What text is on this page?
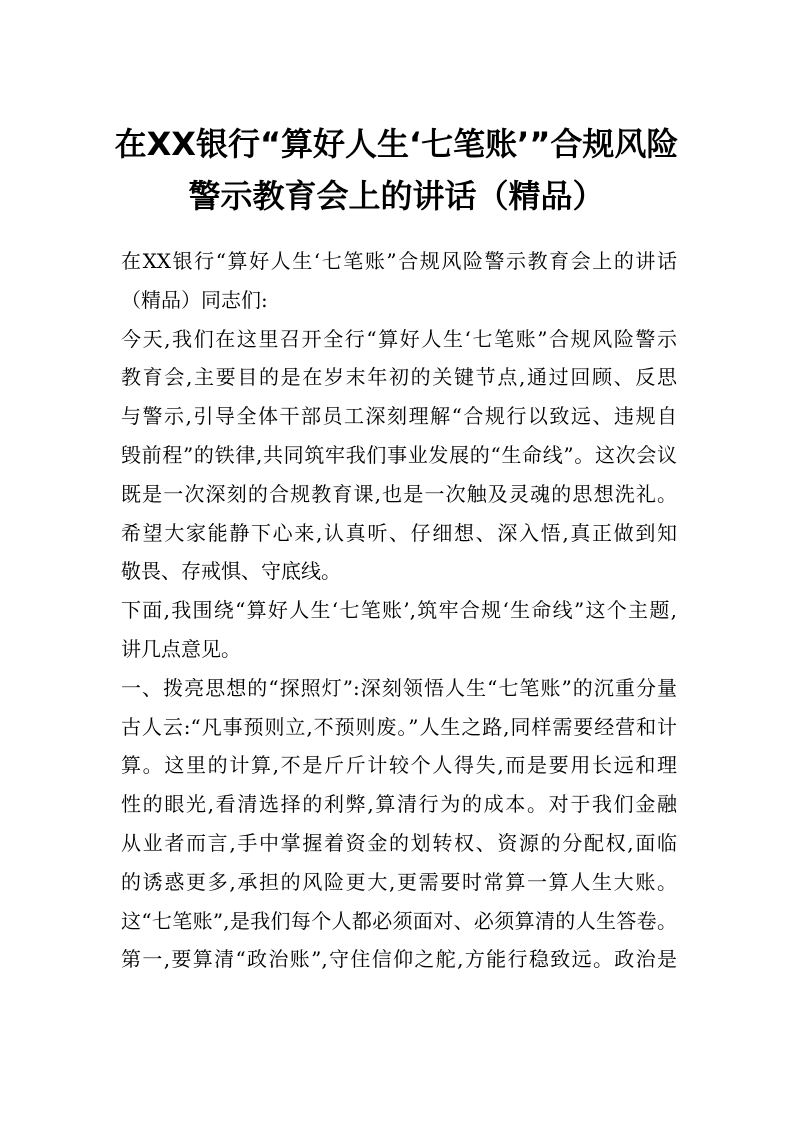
在XX银行“算好人生‘七笔账’”合规风险
警示教育会上的讲话（精品）
在XX银行“算好人生‘七笔账”合规风险警示教育会上的讲话
（精品）同志们:
今天,我们在这里召开全行“算好人生‘七笔账”合规风险警示
教育会,主要目的是在岁末年初的关键节点,通过回顾、反思
与警示,引导全体干部员工深刻理解“合规行以致远、违规自
毁前程”的铁律,共同筑牢我们事业发展的“生命线”。这次会议
既是一次深刻的合规教育课,也是一次触及灵魂的思想洗礼。
希望大家能静下心来,认真听、仔细想、深入悟,真正做到知
敬畏、存戒惧、守底线。
下面,我围绕“算好人生‘七笔账’,筑牢合规‘生命线”这个主题,
讲几点意见。
一、拨亮思想的“探照灯”:深刻领悟人生“七笔账”的沉重分量
古人云:“凡事预则立,不预则废。”人生之路,同样需要经营和计
算。这里的计算,不是斤斤计较个人得失,而是要用长远和理
性的眼光,看清选择的利弊,算清行为的成本。对于我们金融
从业者而言,手中掌握着资金的划转权、资源的分配权,面临
的诱惑更多,承担的风险更大,更需要时常算一算人生大账。
这“七笔账”,是我们每个人都必须面对、必须算清的人生答卷。
第一,要算清“政治账”,守住信仰之舵,方能行稳致远。政治是
